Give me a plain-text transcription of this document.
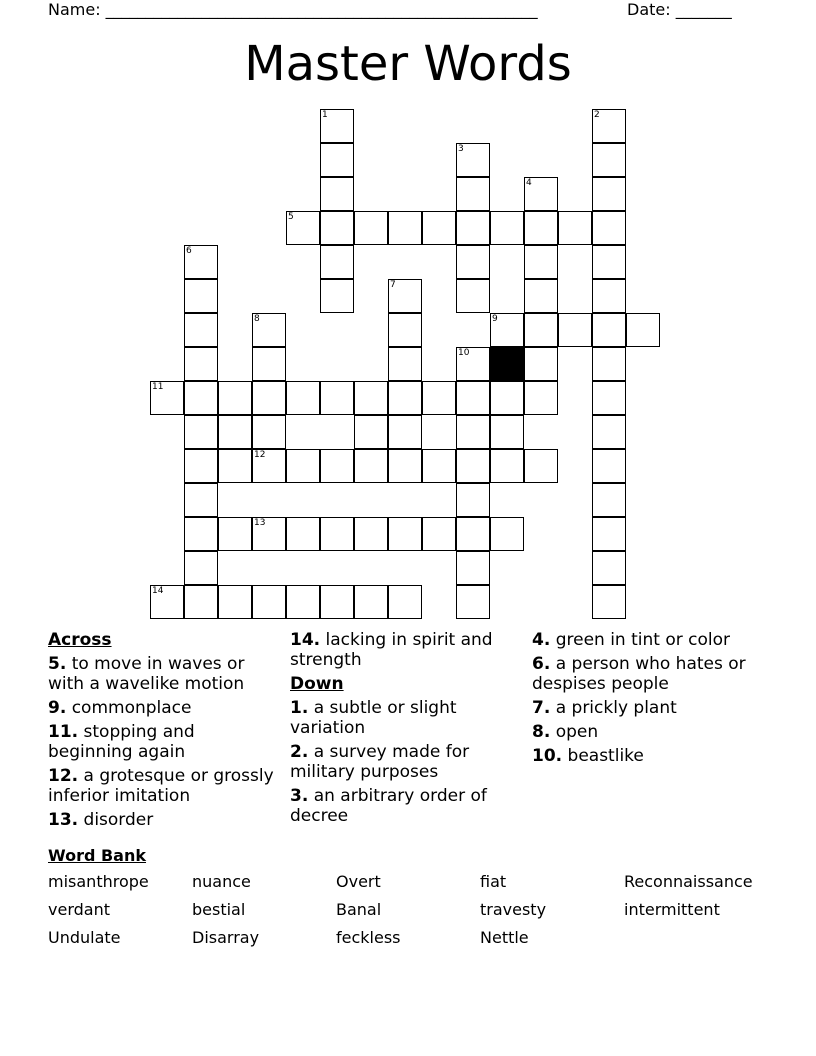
Name: ______________________________________________________	Date: _______
Master Words
1	2
3
4
5
6
7
8	9
10
11
12
13
14
Across
5. to move in waves or with a wavelike motion
9. commonplace
11. stopping and beginning again
12. a grotesque or grossly inferior imitation
13. disorder
14. lacking in spirit and strength
Down
1. a subtle or slight variation
2. a survey made for military purposes
3. an arbitrary order of decree
4. green in tint or color
6. a person who hates or despises people
7. a prickly plant
8. open
10. beastlike
Word Bank
misanthrope	nuance	Overt	fiat	Reconnaissance
verdant	bestial	Banal	travesty	intermittent
Undulate	Disarray	feckless	Nettle
